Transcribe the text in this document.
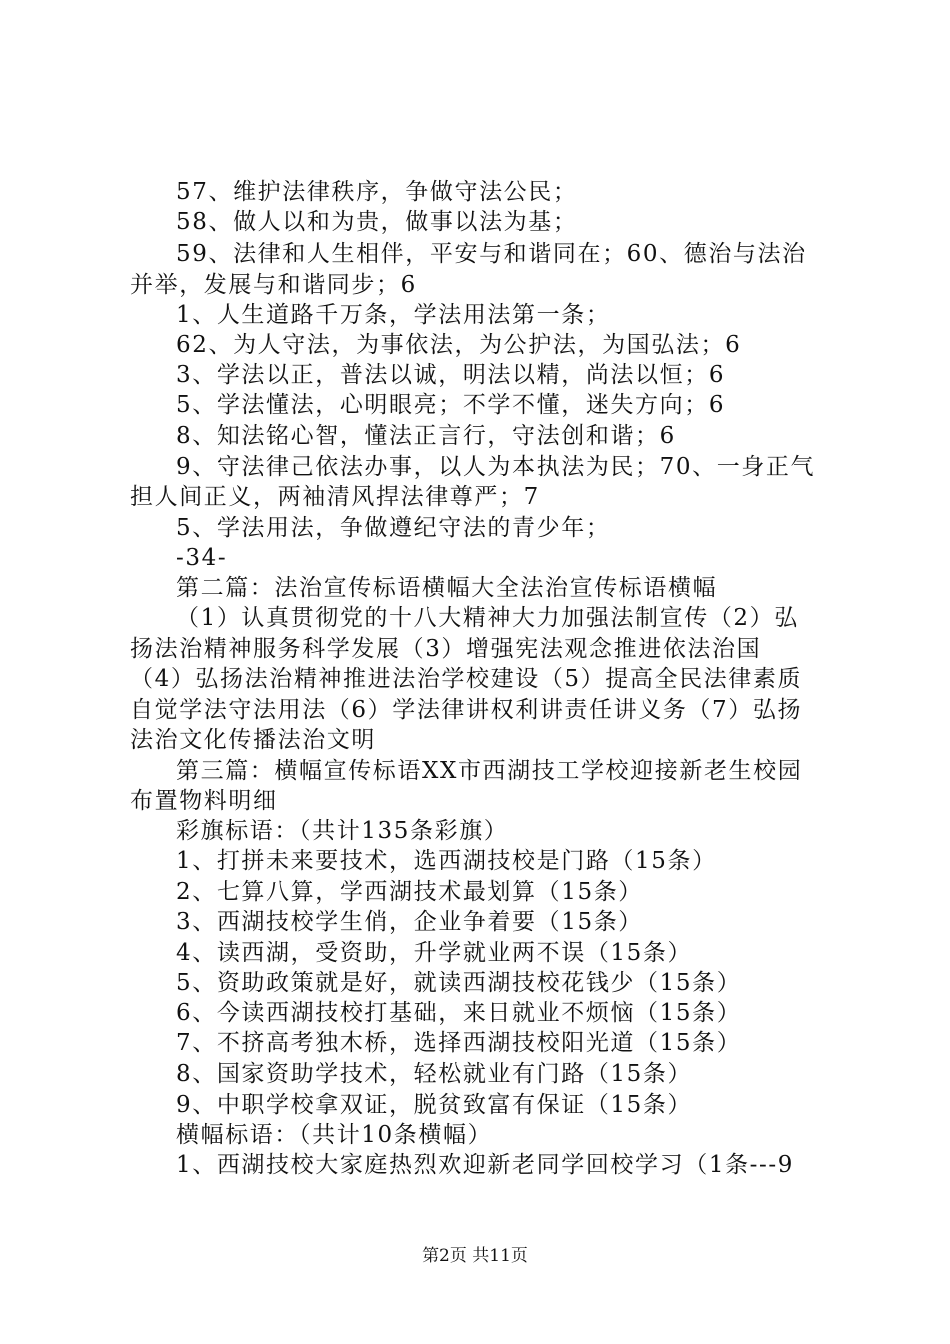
57、维护法律秩序，争做守法公民；
58、做人以和为贵，做事以法为基；
59、法律和人生相伴，平安与和谐同在；60、德治与法治
并举，发展与和谐同步；6
1、人生道路千万条，学法用法第一条；
62、为人守法，为事依法，为公护法，为国弘法；6
3、学法以正，普法以诚，明法以精，尚法以恒；6
5、学法懂法，心明眼亮；不学不懂，迷失方向；6
8、知法铭心智，懂法正言行，守法创和谐；6
9、守法律己依法办事，以人为本执法为民；70、一身正气
担人间正义，两袖清风捍法律尊严；7
5、学法用法，争做遵纪守法的青少年；
-34-
第二篇：法治宣传标语横幅大全法治宣传标语横幅
（1）认真贯彻党的十八大精神大力加强法制宣传（2）弘
扬法治精神服务科学发展（3）增强宪法观念推进依法治国
（4）弘扬法治精神推进法治学校建设（5）提高全民法律素质
自觉学法守法用法（6）学法律讲权利讲责任讲义务（7）弘扬
法治文化传播法治文明
第三篇：横幅宣传标语XX市西湖技工学校迎接新老生校园
布置物料明细
彩旗标语：（共计135条彩旗）
1、打拼未来要技术，选西湖技校是门路（15条）
2、七算八算，学西湖技术最划算（15条）
3、西湖技校学生俏，企业争着要（15条）
4、读西湖，受资助，升学就业两不误（15条）
5、资助政策就是好，就读西湖技校花钱少（15条）
6、今读西湖技校打基础，来日就业不烦恼（15条）
7、不挤高考独木桥，选择西湖技校阳光道（15条）
8、国家资助学技术，轻松就业有门路（15条）
9、中职学校拿双证，脱贫致富有保证（15条）
横幅标语：（共计10条横幅）
1、西湖技校大家庭热烈欢迎新老同学回校学习（1条---9
第2页 共11页
